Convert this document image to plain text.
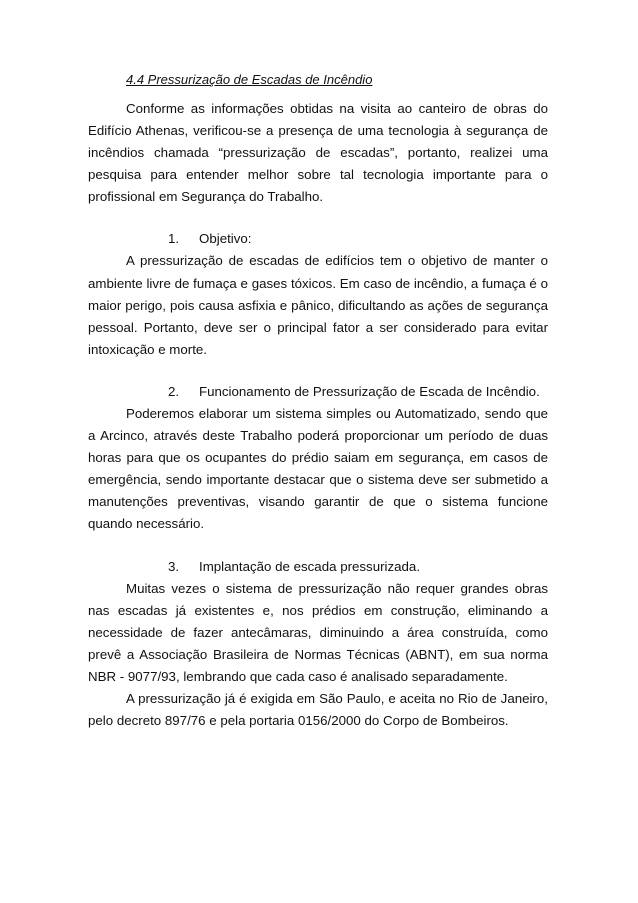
4.4 Pressurização de Escadas de Incêndio

Conforme as informações obtidas na visita ao canteiro de obras do Edifício Athenas, verificou-se a presença de uma tecnologia à segurança de incêndios chamada “pressurização de escadas”, portanto, realizei uma pesquisa para entender melhor sobre tal tecnologia importante para o profissional em Segurança do Trabalho.

1.	Objetivo:

A pressurização de escadas de edifícios tem o objetivo de manter o ambiente livre de fumaça e gases tóxicos. Em caso de incêndio, a fumaça é o maior perigo, pois causa asfixia e pânico, dificultando as ações de segurança pessoal. Portanto, deve ser o principal fator a ser considerado para evitar intoxicação e morte.

2.	Funcionamento de Pressurização de Escada de Incêndio.

Poderemos elaborar um sistema simples ou Automatizado, sendo que a Arcinco, através deste Trabalho poderá proporcionar um período de duas horas para que os ocupantes do prédio saiam em segurança, em casos de emergência, sendo importante destacar que o sistema deve ser submetido a manutenções preventivas, visando garantir de que o sistema funcione quando necessário.

3.	Implantação de escada pressurizada.

Muitas vezes o sistema de pressurização não requer grandes obras nas escadas já existentes e, nos prédios em construção, eliminando a necessidade de fazer antecâmaras, diminuindo a área construída, como prevê a Associação Brasileira de Normas Técnicas (ABNT), em sua norma NBR - 9077/93, lembrando que cada caso é analisado separadamente.

A pressurização já é exigida em São Paulo, e aceita no Rio de Janeiro, pelo decreto 897/76 e pela portaria 0156/2000 do Corpo de Bombeiros.
